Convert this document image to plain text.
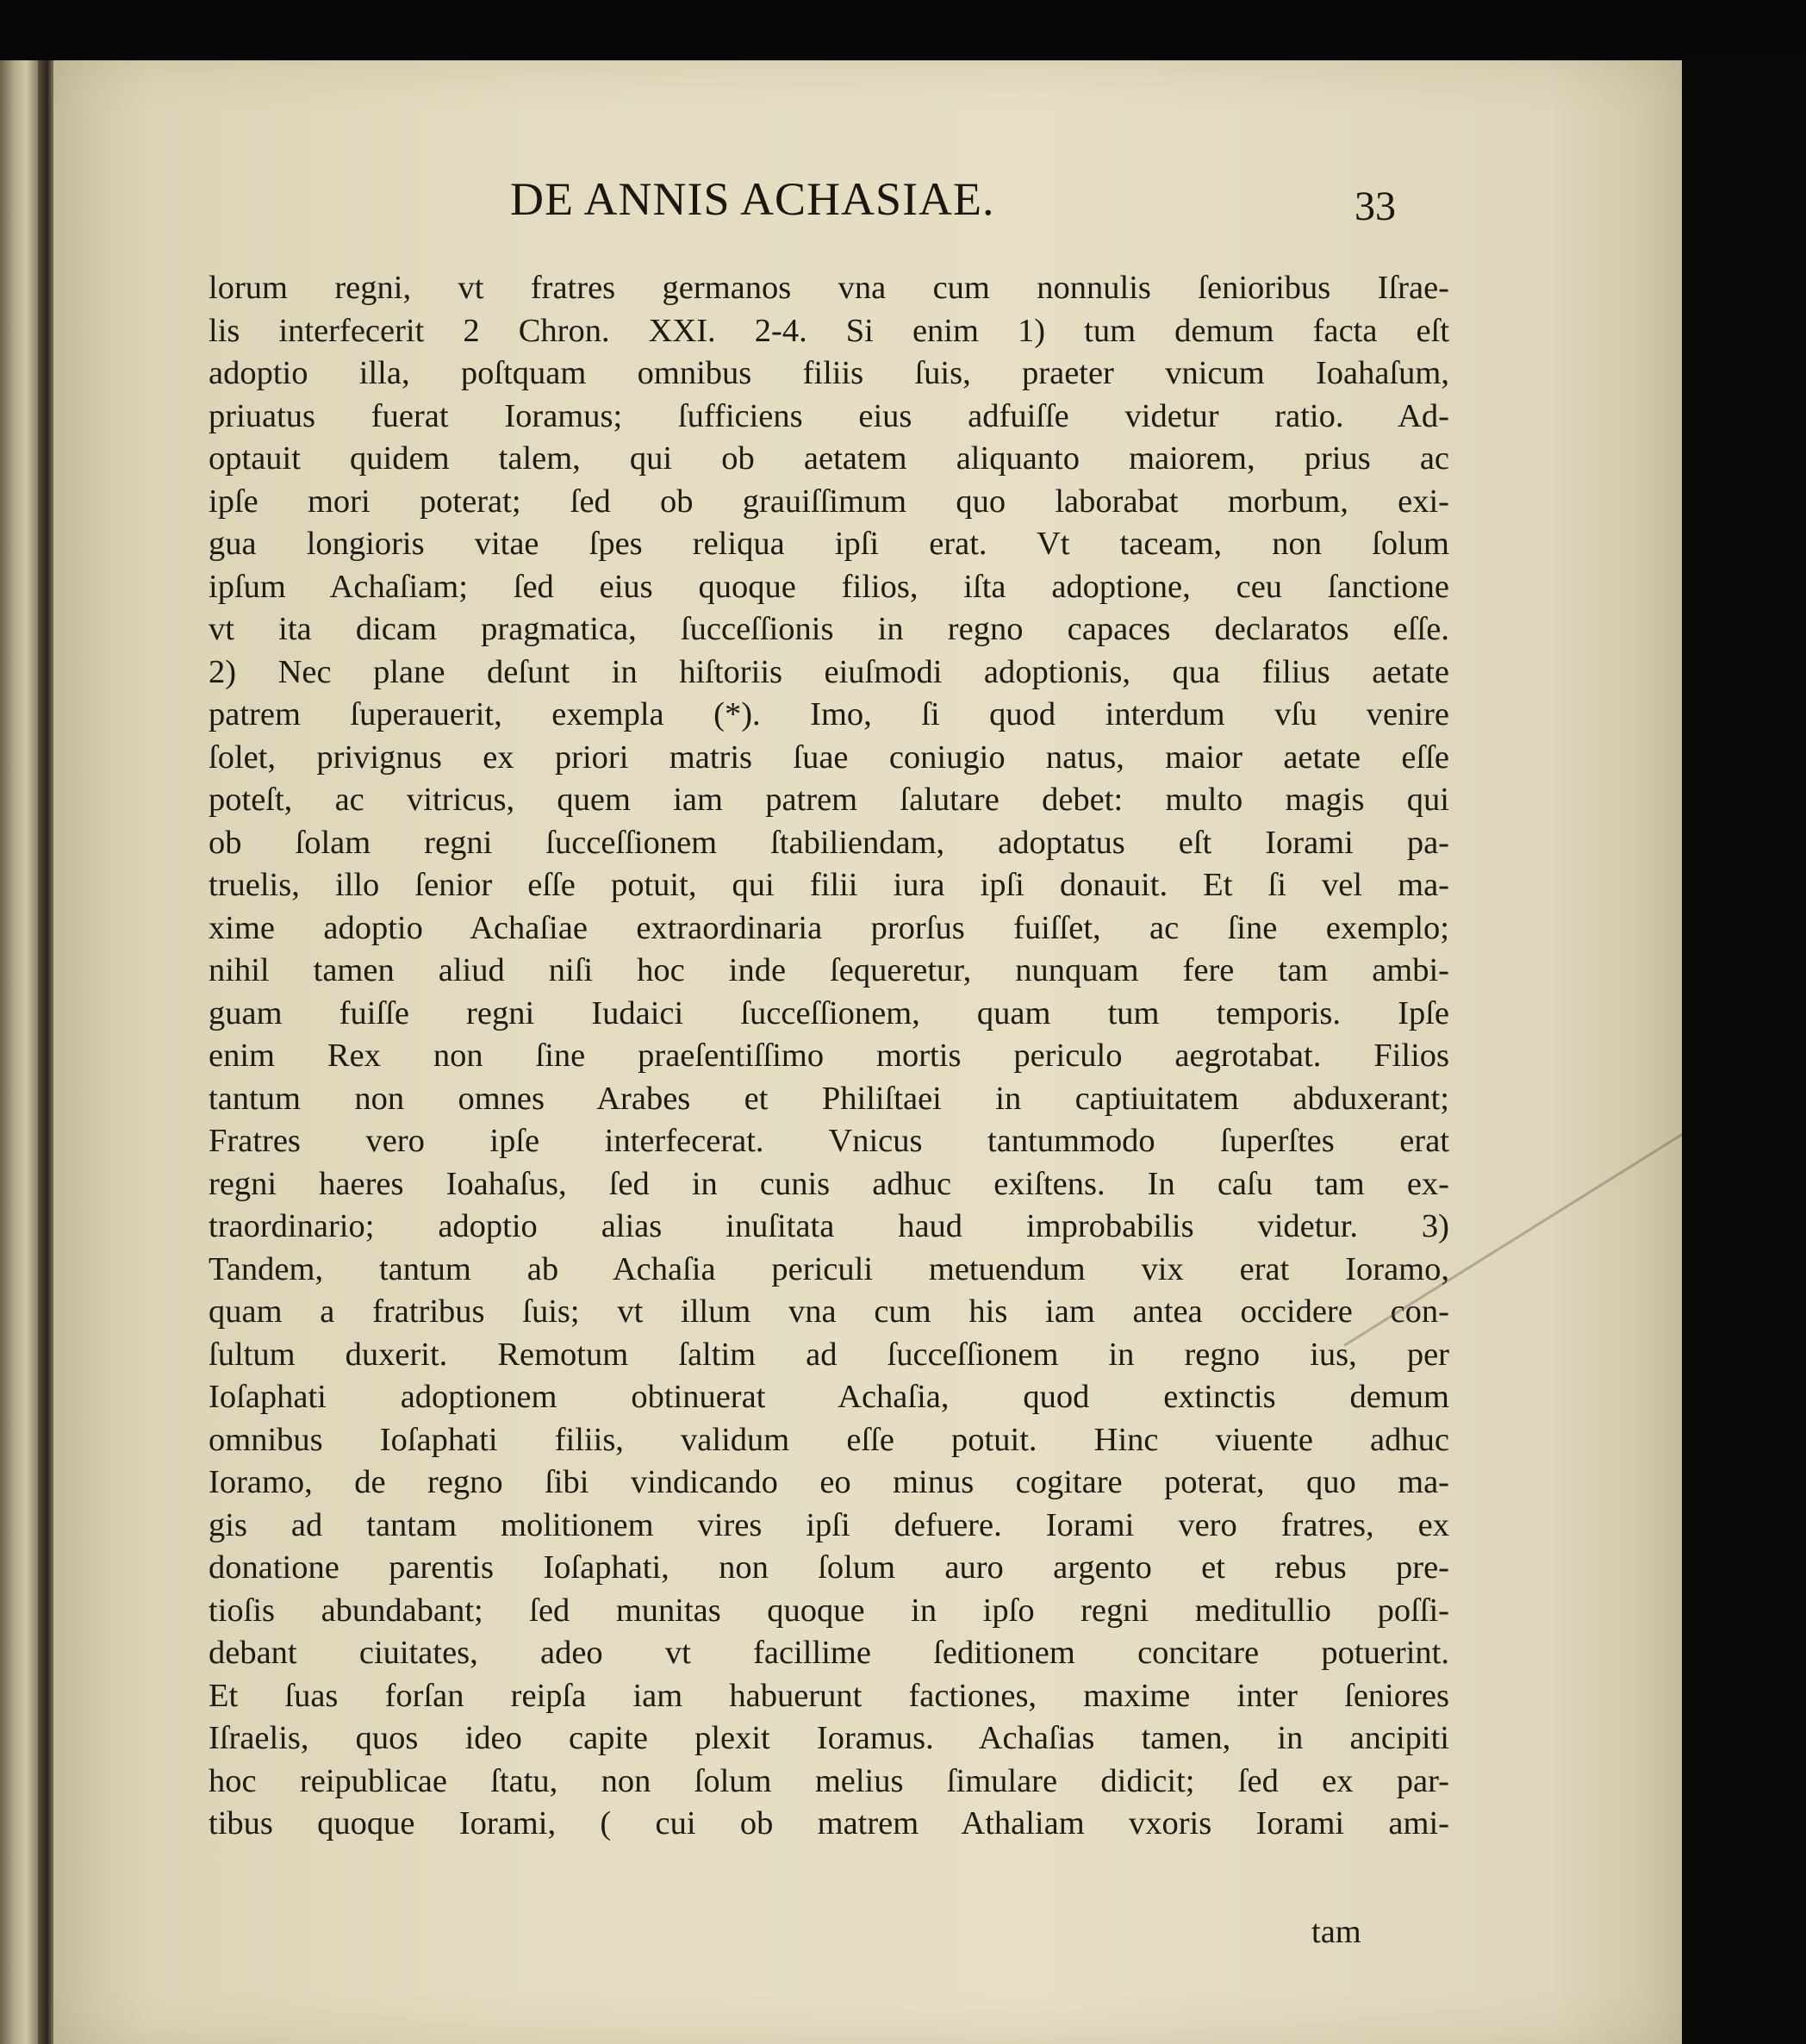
DE ANNIS ACHASIAE.	33
lorum regni, vt fratres germanos vna cum nonnulis ſenioribus Iſrae-
lis interfecerit 2 Chron. XXI. 2-4. Si enim 1) tum demum facta eſt
adoptio illa, poſtquam omnibus filiis ſuis, praeter vnicum Ioahaſum,
priuatus fuerat Ioramus; ſufficiens eius adfuiſſe videtur ratio. Ad-
optauit quidem talem, qui ob aetatem aliquanto maiorem, prius ac
ipſe mori poterat; ſed ob grauiſſimum quo laborabat morbum, exi-
gua longioris vitae ſpes reliqua ipſi erat. Vt taceam, non ſolum
ipſum Achaſiam; ſed eius quoque filios, iſta adoptione, ceu ſanctione
vt ita dicam pragmatica, ſucceſſionis in regno capaces declaratos eſſe.
2) Nec plane deſunt in hiſtoriis eiuſmodi adoptionis, qua filius aetate
patrem ſuperauerit, exempla (*). Imo, ſi quod interdum vſu venire
ſolet, privignus ex priori matris ſuae coniugio natus, maior aetate eſſe
poteſt, ac vitricus, quem iam patrem ſalutare debet: multo magis qui
ob ſolam regni ſucceſſionem ſtabiliendam, adoptatus eſt Iorami pa-
truelis, illo ſenior eſſe potuit, qui filii iura ipſi donauit. Et ſi vel ma-
xime adoptio Achaſiae extraordinaria prorſus fuiſſet, ac ſine exemplo;
nihil tamen aliud niſi hoc inde ſequeretur, nunquam fere tam ambi-
guam fuiſſe regni Iudaici ſucceſſionem, quam tum temporis. Ipſe
enim Rex non ſine praeſentiſſimo mortis periculo aegrotabat. Filios
tantum non omnes Arabes et Philiſtaei in captiuitatem abduxerant;
Fratres vero ipſe interfecerat. Vnicus tantummodo ſuperſtes erat
regni haeres Ioahaſus, ſed in cunis adhuc exiſtens. In caſu tam ex-
traordinario; adoptio alias inuſitata haud improbabilis videtur. 3)
Tandem, tantum ab Achaſia periculi metuendum vix erat Ioramo,
quam a fratribus ſuis; vt illum vna cum his iam antea occidere con-
ſultum duxerit. Remotum ſaltim ad ſucceſſionem in regno ius, per
Ioſaphati adoptionem obtinuerat Achaſia, quod extinctis demum
omnibus Ioſaphati filiis, validum eſſe potuit. Hinc viuente adhuc
Ioramo, de regno ſibi vindicando eo minus cogitare poterat, quo ma-
gis ad tantam molitionem vires ipſi defuere. Iorami vero fratres, ex
donatione parentis Ioſaphati, non ſolum auro argento et rebus pre-
tioſis abundabant; ſed munitas quoque in ipſo regni meditullio poſſi-
debant ciuitates, adeo vt facillime ſeditionem concitare potuerint.
Et ſuas forſan reipſa iam habuerunt factiones, maxime inter ſeniores
Iſraelis, quos ideo capite plexit Ioramus. Achaſias tamen, in ancipiti
hoc reipublicae ſtatu, non ſolum melius ſimulare didicit; ſed ex par-
tibus quoque Iorami, ( cui ob matrem Athaliam vxoris Iorami ami-
tam
